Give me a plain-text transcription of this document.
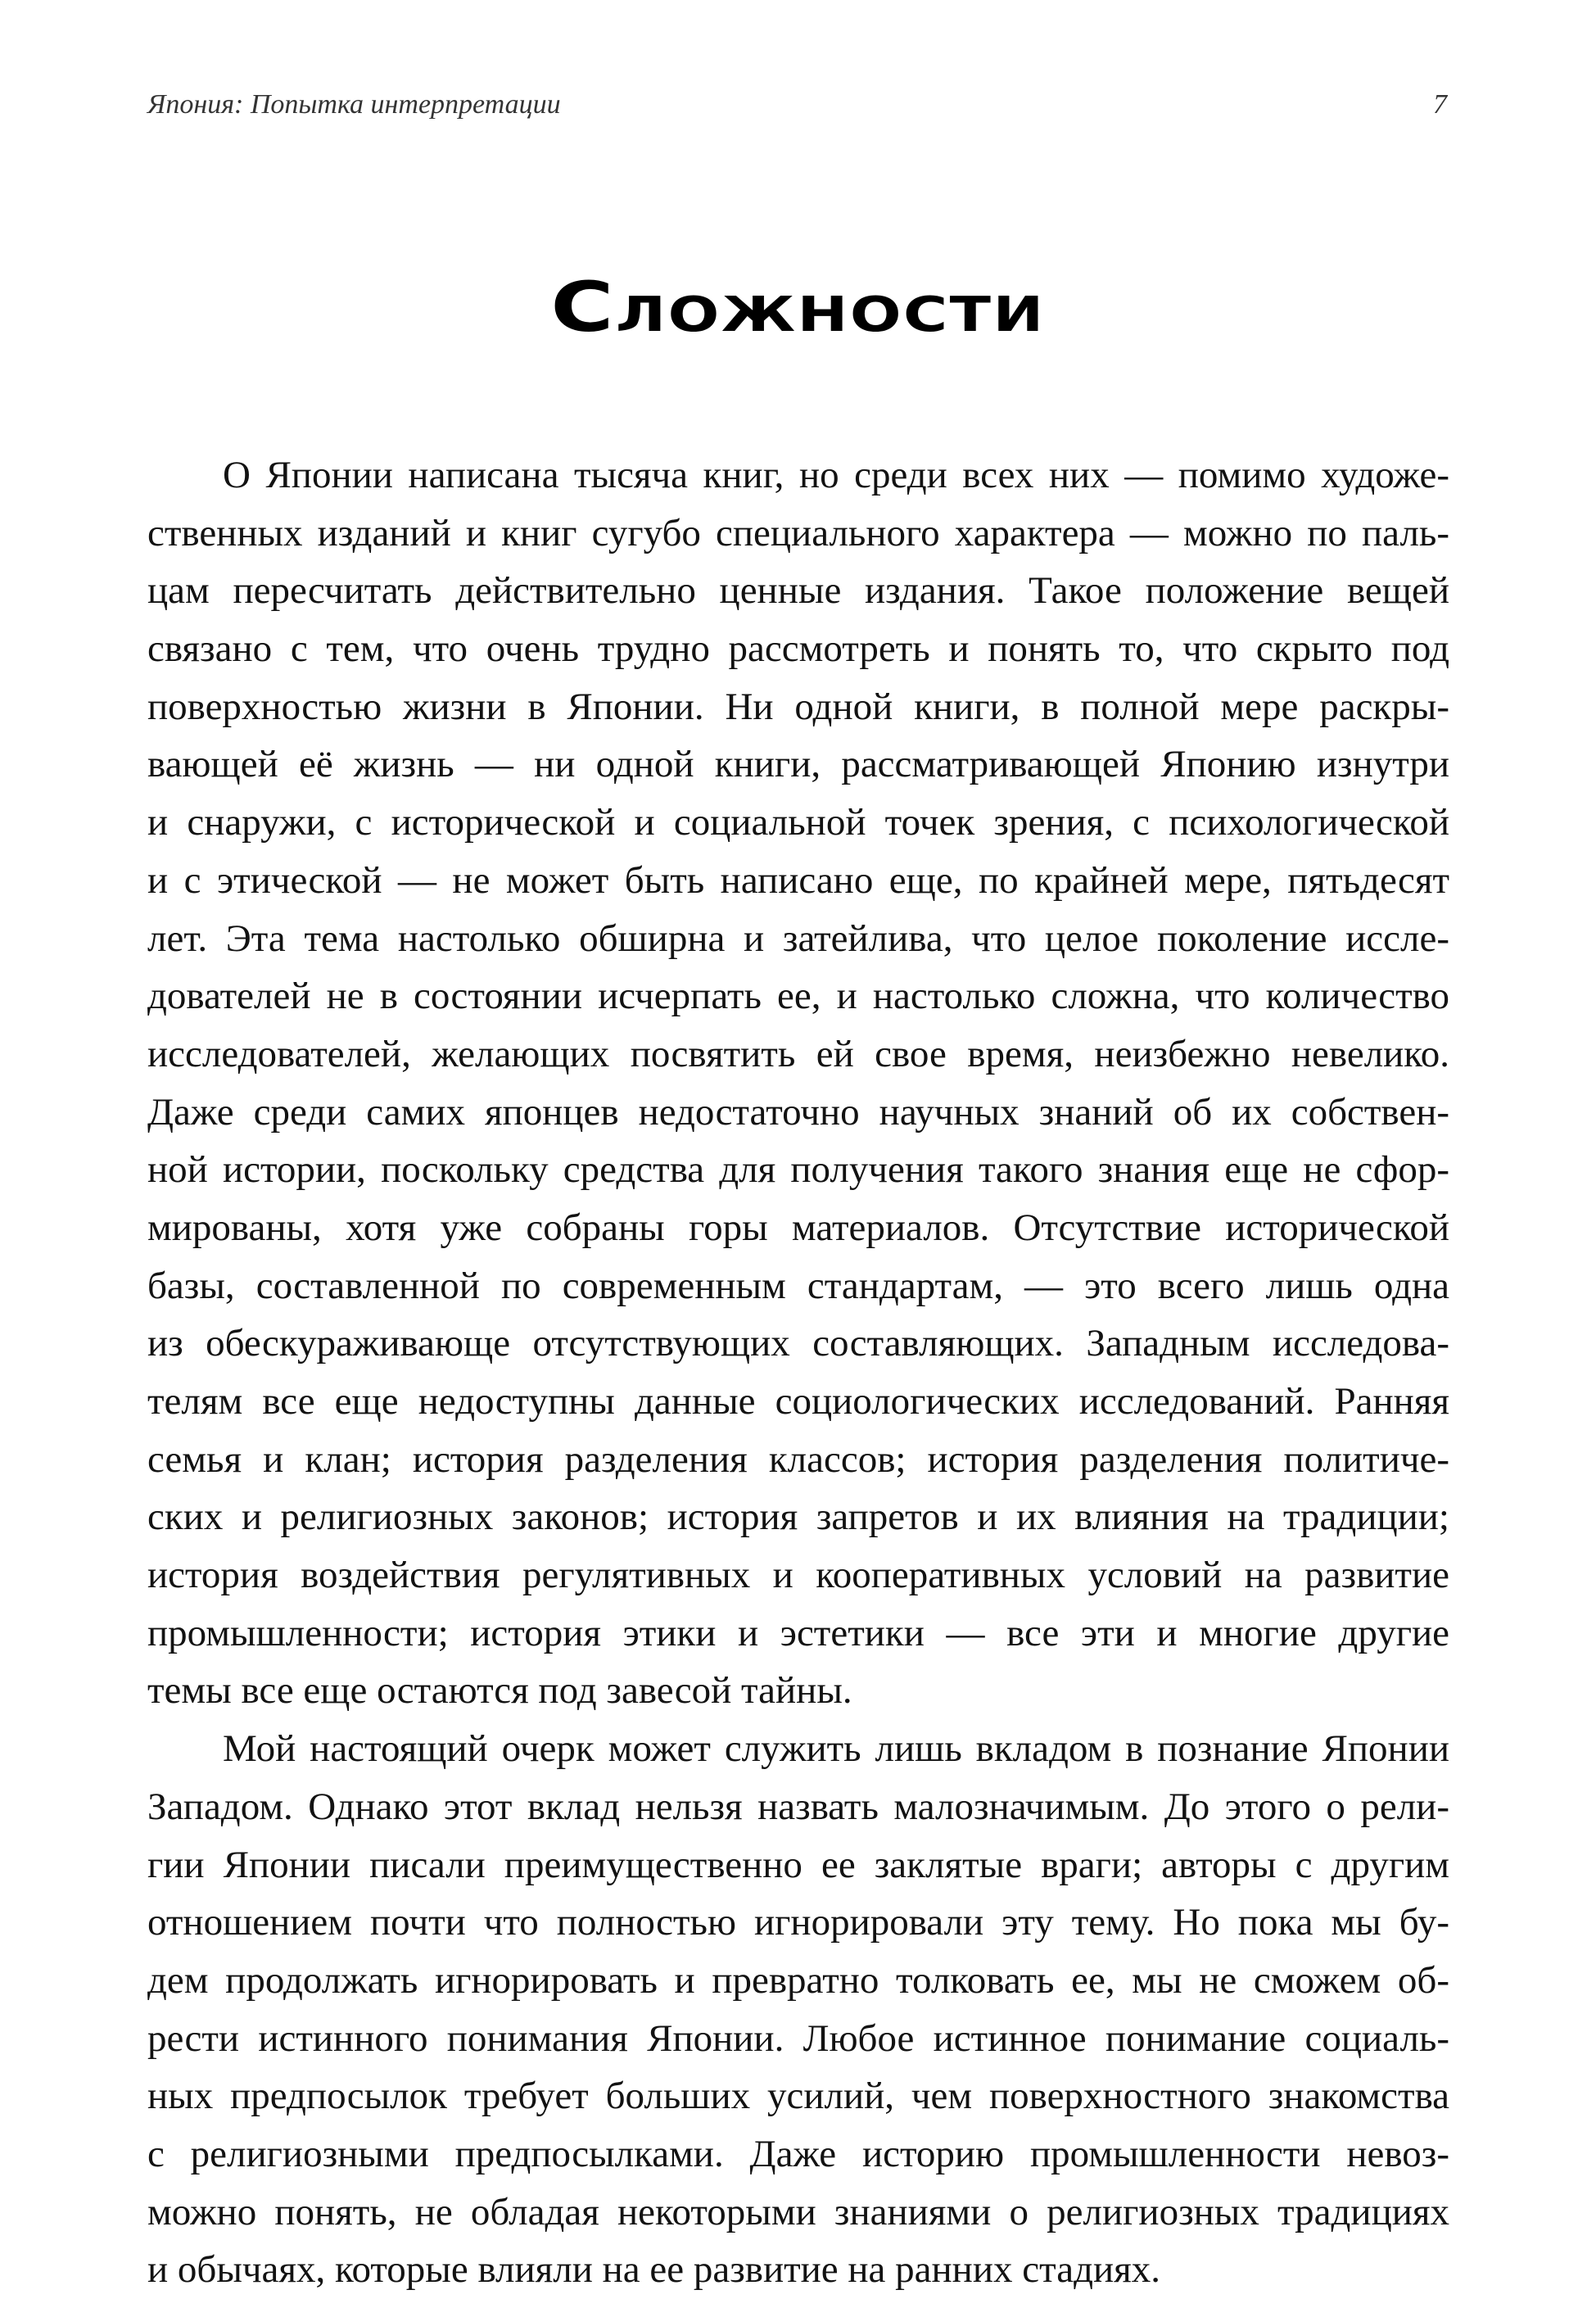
Япония: Попытка интерпретации	7
Сложности
О Японии написана тысяча книг, но среди всех них — помимо художе-
ственных изданий и книг сугубо специального характера — можно по паль-
цам пересчитать действительно ценные издания. Такое положение вещей
связано с тем, что очень трудно рассмотреть и понять то, что скрыто под
поверхностью жизни в Японии. Ни одной книги, в полной мере раскры-
вающей её жизнь — ни одной книги, рассматривающей Японию изнутри
и снаружи, с исторической и социальной точек зрения, с психологической
и с этической — не может быть написано еще, по крайней мере, пятьдесят
лет. Эта тема настолько обширна и затейлива, что целое поколение иссле-
дователей не в состоянии исчерпать ее, и настолько сложна, что количество
исследователей, желающих посвятить ей свое время, неизбежно невелико.
Даже среди самих японцев недостаточно научных знаний об их собствен-
ной истории, поскольку средства для получения такого знания еще не сфор-
мированы, хотя уже собраны горы материалов. Отсутствие исторической
базы, составленной по современным стандартам, — это всего лишь одна
из обескураживающе отсутствующих составляющих. Западным исследова-
телям все еще недоступны данные социологических исследований. Ранняя
семья и клан; история разделения классов; история разделения политиче-
ских и религиозных законов; история запретов и их влияния на традиции;
история воздействия регулятивных и кооперативных условий на развитие
промышленности; история этики и эстетики — все эти и многие другие
темы все еще остаются под завесой тайны.
Мой настоящий очерк может служить лишь вкладом в познание Японии
Западом. Однако этот вклад нельзя назвать малозначимым. До этого о рели-
гии Японии писали преимущественно ее заклятые враги; авторы с другим
отношением почти что полностью игнорировали эту тему. Но пока мы бу-
дем продолжать игнорировать и превратно толковать ее, мы не сможем об-
рести истинного понимания Японии. Любое истинное понимание социаль-
ных предпосылок требует больших усилий, чем поверхностного знакомства
с религиозными предпосылками. Даже историю промышленности невоз-
можно понять, не обладая некоторыми знаниями о религиозных традициях
и обычаях, которые влияли на ее развитие на ранних стадиях.
